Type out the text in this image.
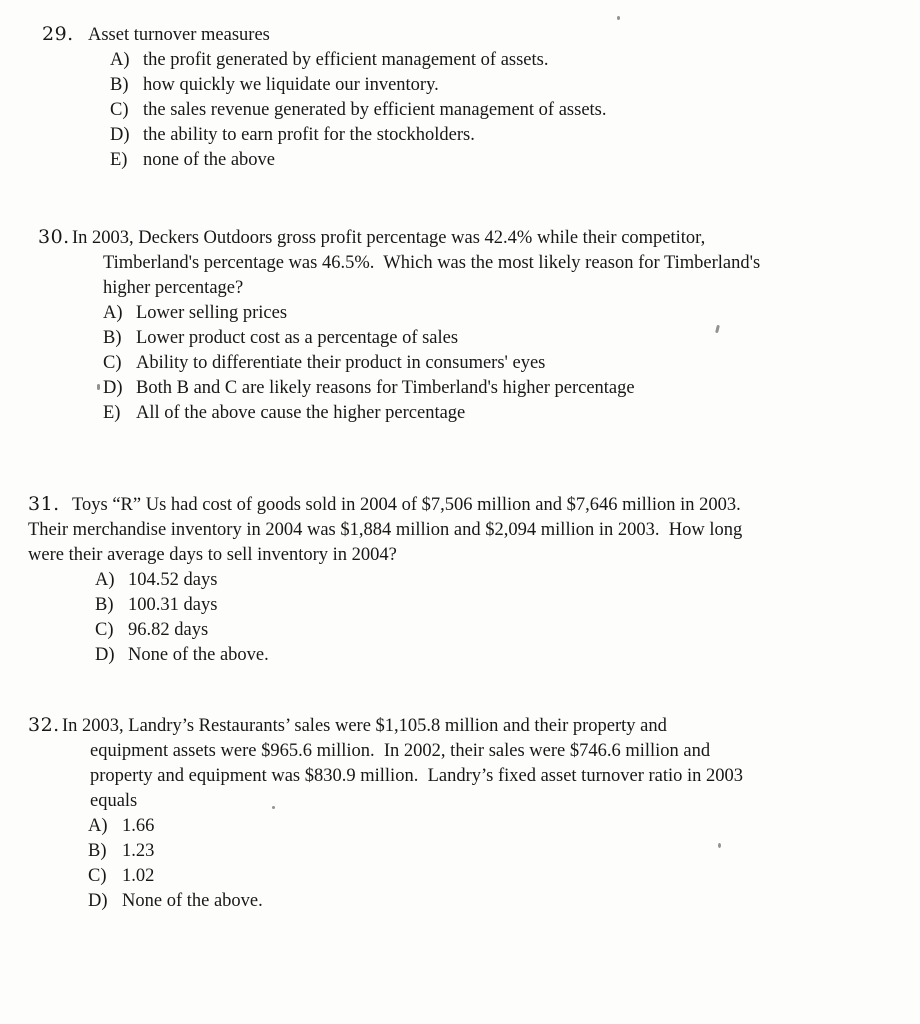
29. Asset turnover measures
A) the profit generated by efficient management of assets.
B) how quickly we liquidate our inventory.
C) the sales revenue generated by efficient management of assets.
D) the ability to earn profit for the stockholders.
E) none of the above
30. In 2003, Deckers Outdoors gross profit percentage was 42.4% while their competitor,
Timberland's percentage was 46.5%.  Which was the most likely reason for Timberland's
higher percentage?
A) Lower selling prices
B) Lower product cost as a percentage of sales
C) Ability to differentiate their product in consumers' eyes
D) Both B and C are likely reasons for Timberland's higher percentage
E) All of the above cause the higher percentage
31. Toys “R” Us had cost of goods sold in 2004 of $7,506 million and $7,646 million in 2003.
Their merchandise inventory in 2004 was $1,884 million and $2,094 million in 2003.  How long
were their average days to sell inventory in 2004?
A) 104.52 days
B) 100.31 days
C) 96.82 days
D) None of the above.
32. In 2003, Landry’s Restaurants’ sales were $1,105.8 million and their property and
equipment assets were $965.6 million.  In 2002, their sales were $746.6 million and
property and equipment was $830.9 million.  Landry’s fixed asset turnover ratio in 2003
equals
A) 1.66
B) 1.23
C) 1.02
D) None of the above.
